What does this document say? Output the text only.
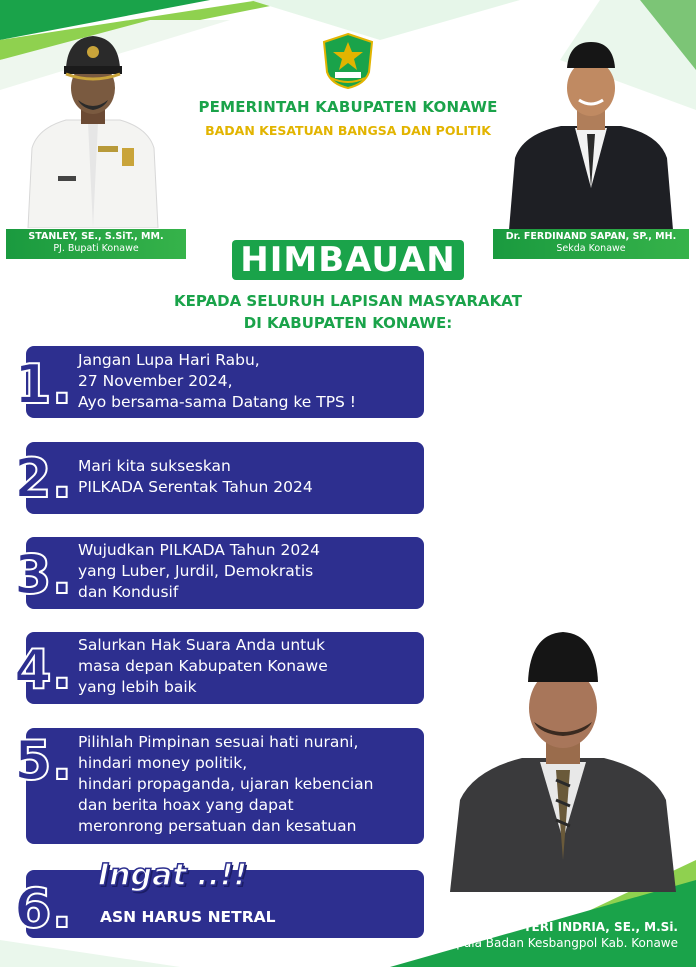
PEMERINTAH KABUPATEN KONAWE
BADAN KESATUAN BANGSA DAN POLITIK
STANLEY, SE., S.SiT., MM.
PJ. Bupati Konawe
Dr. FERDINAND SAPAN, SP., MH.
Sekda Konawe
HIMBAUAN
KEPADA SELURUH LAPISAN MASYARAKAT
DI KABUPATEN KONAWE:
1. Jangan Lupa Hari Rabu,
27 November 2024,
Ayo bersama-sama Datang ke TPS !
2. Mari kita sukseskan
PILKADA Serentak Tahun 2024
3. Wujudkan PILKADA Tahun 2024
yang Luber, Jurdil, Demokratis
dan Kondusif
4. Salurkan Hak Suara Anda untuk
masa depan Kabupaten Konawe
yang lebih baik
5. Pilihlah Pimpinan sesuai hati nurani,
hindari money politik,
hindari propaganda, ujaran kebencian
dan berita hoax yang dapat
meronrong persatuan dan kesatuan
6.
Ingat ..!!
ASN HARUS NETRAL
TERI INDRIA, SE., M.Si.
Kepala Badan Kesbangpol Kab. Konawe
